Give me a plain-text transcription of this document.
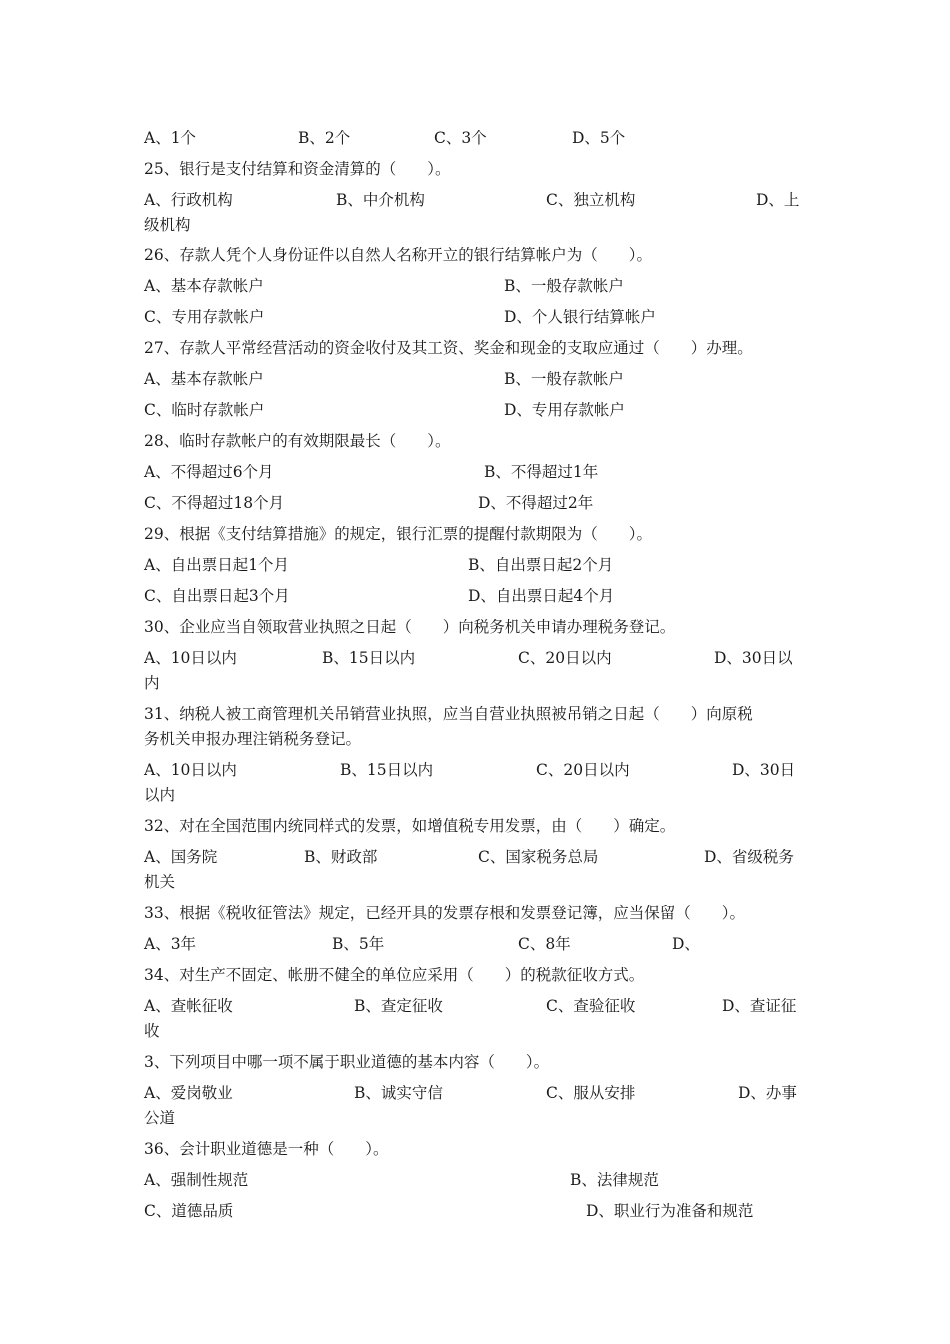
A、1个	B、2个	C、3个	D、5个
25、银行是支付结算和资金清算的（　　）。
A、行政机构	B、中介机构	C、独立机构	D、上
级机构
26、存款人凭个人身份证件以自然人名称开立的银行结算帐户为（　　）。
A、基本存款帐户	B、一般存款帐户
C、专用存款帐户	D、个人银行结算帐户
27、存款人平常经营活动的资金收付及其工资、奖金和现金的支取应通过（　　）办理。
A、基本存款帐户	B、一般存款帐户
C、临时存款帐户	D、专用存款帐户
28、临时存款帐户的有效期限最长（　　）。
A、不得超过6个月	B、不得超过1年
C、不得超过18个月	D、不得超过2年
29、根据《支付结算措施》的规定，银行汇票的提醒付款期限为（　　）。
A、自出票日起1个月	B、自出票日起2个月
C、自出票日起3个月	D、自出票日起4个月
30、企业应当自领取营业执照之日起（　　）向税务机关申请办理税务登记。
A、10日以内	B、15日以内	C、20日以内	D、30日以
内
31、纳税人被工商管理机关吊销营业执照，应当自营业执照被吊销之日起（　　）向原税
务机关申报办理注销税务登记。
A、10日以内	B、15日以内	C、20日以内	D、30日
以内
32、对在全国范围内统同样式的发票，如增值税专用发票，由（　　）确定。
A、国务院	B、财政部	C、国家税务总局	D、省级税务
机关
33、根据《税收征管法》规定，已经开具的发票存根和发票登记簿，应当保留（　　）。
A、3年	B、5年	C、8年	D、
34、对生产不固定、帐册不健全的单位应采用（　　）的税款征收方式。
A、查帐征收	B、查定征收	C、查验征收	D、查证征
收
3、下列项目中哪一项不属于职业道德的基本内容（　　）。
A、爱岗敬业	B、诚实守信	C、服从安排	D、办事
公道
36、会计职业道德是一种（　　）。
A、强制性规范	B、法律规范
C、道德品质	D、职业行为准备和规范
